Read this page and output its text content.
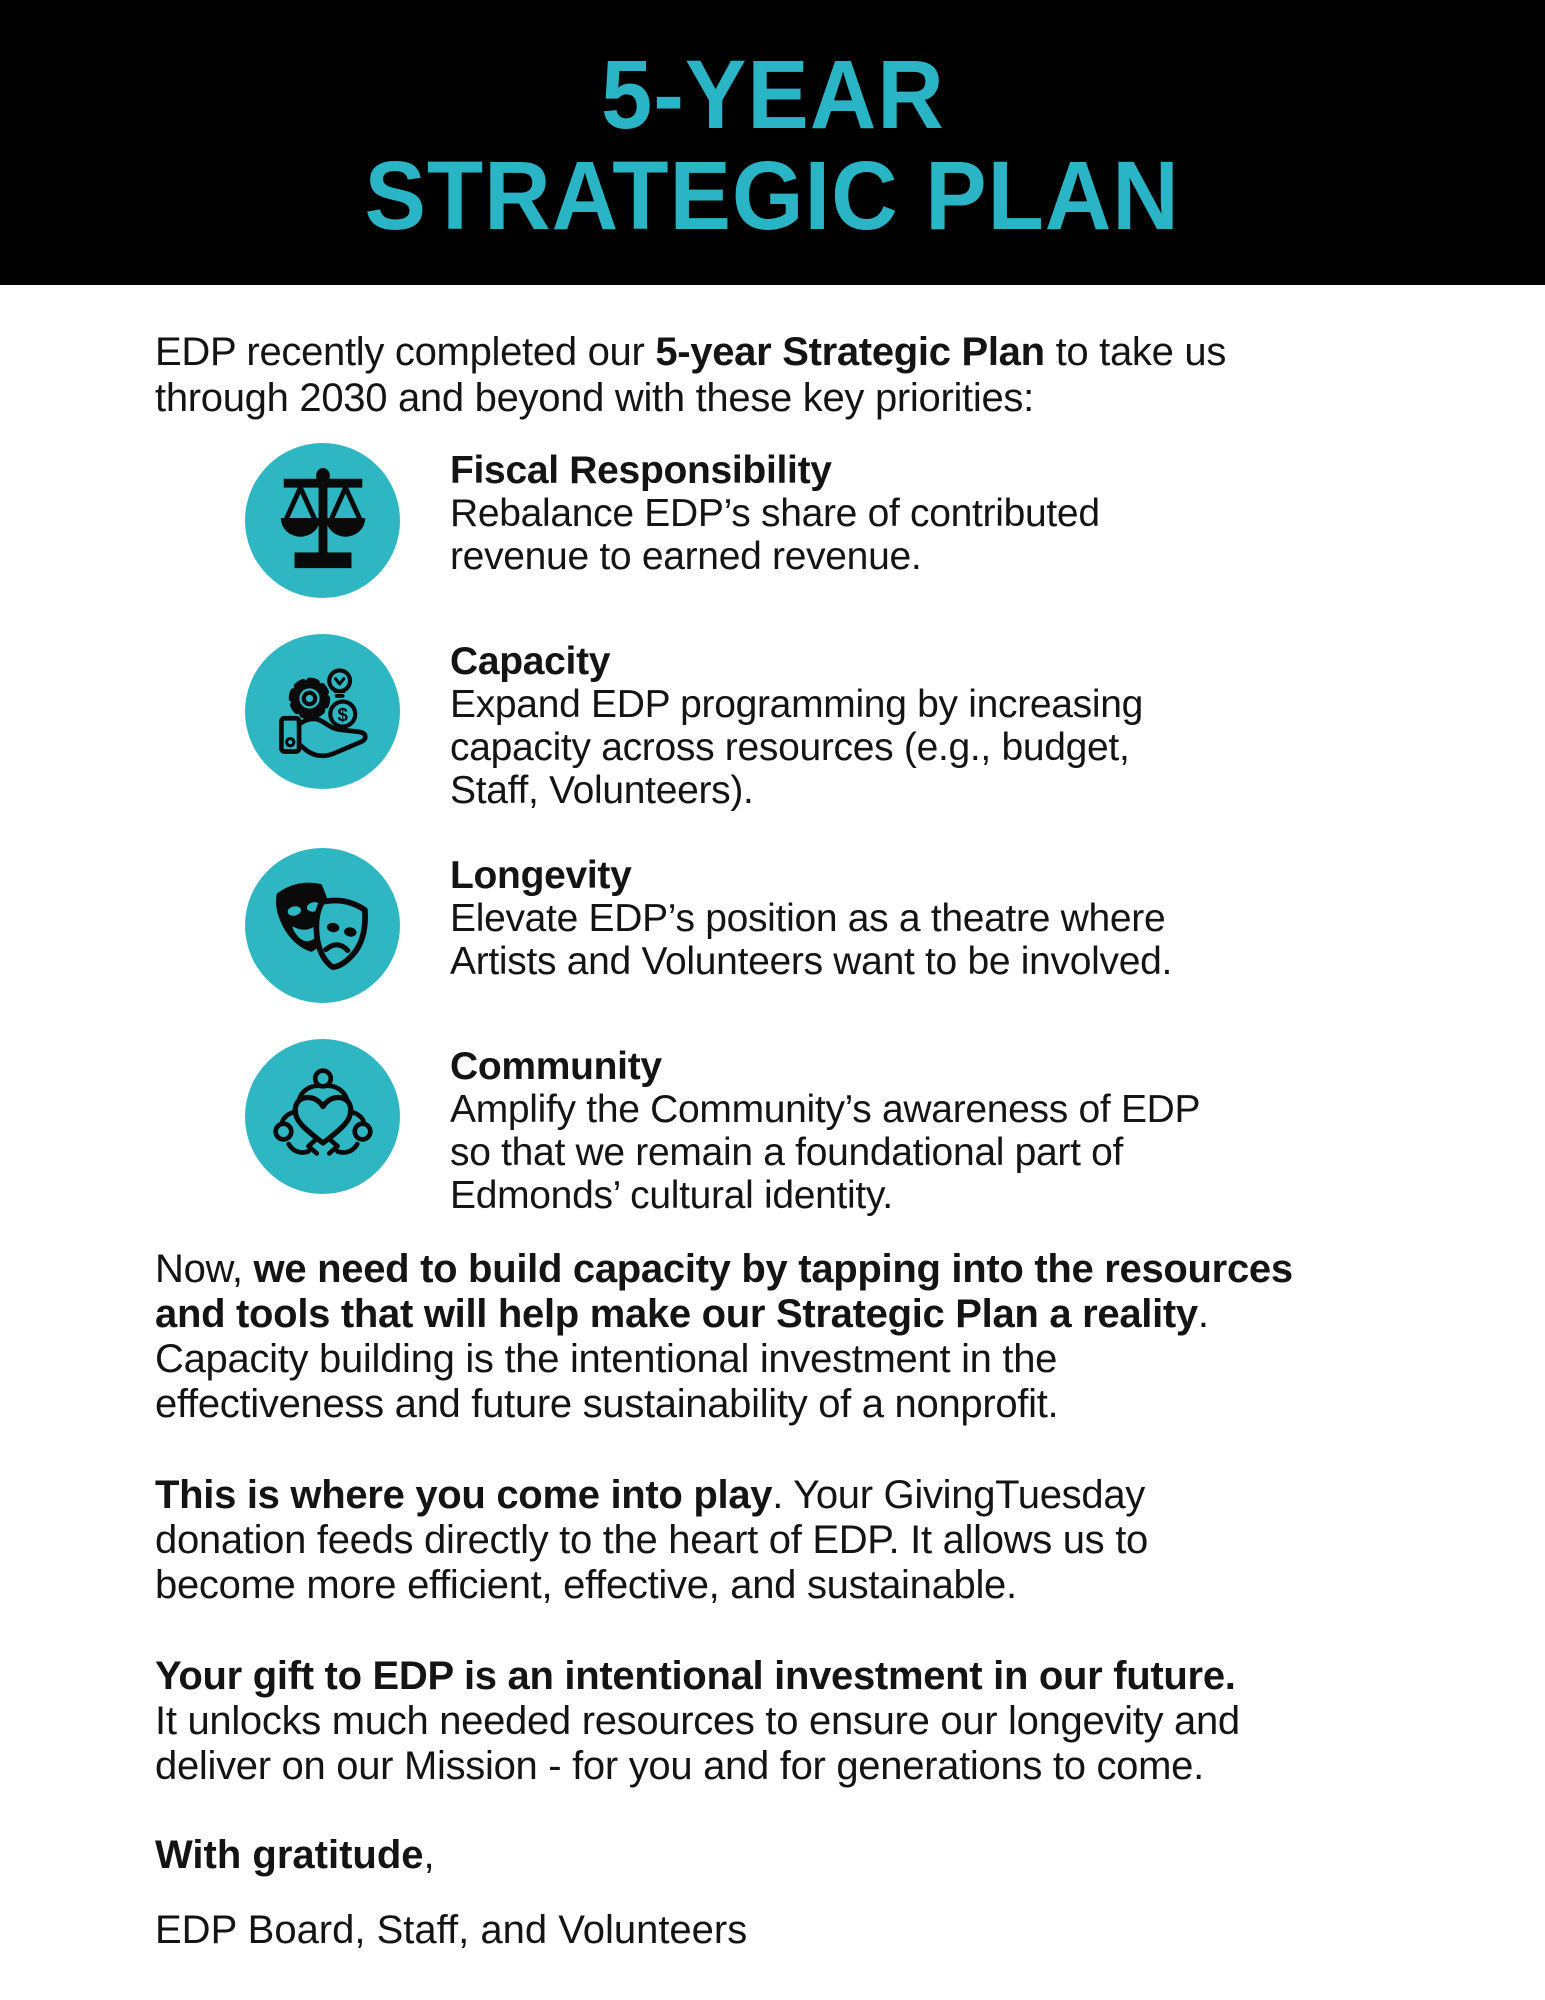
5-YEAR
STRATEGIC PLAN
EDP recently completed our 5-year Strategic Plan to take us
through 2030 and beyond with these key priorities:
Fiscal Responsibility
Rebalance EDP’s share of contributed
revenue to earned revenue.
$
Capacity
Expand EDP programming by increasing
capacity across resources (e.g., budget,
Staff, Volunteers).
Longevity
Elevate EDP’s position as a theatre where
Artists and Volunteers want to be involved.
Community
Amplify the Community’s awareness of EDP
so that we remain a foundational part of
Edmonds’ cultural identity.
Now, we need to build capacity by tapping into the resources
and tools that will help make our Strategic Plan a reality.
Capacity building is the intentional investment in the
effectiveness and future sustainability of a nonprofit.
This is where you come into play. Your GivingTuesday
donation feeds directly to the heart of EDP. It allows us to
become more efficient, effective, and sustainable.
Your gift to EDP is an intentional investment in our future.
It unlocks much needed resources to ensure our longevity and
deliver on our Mission - for you and for generations to come.
With gratitude,
EDP Board, Staff, and Volunteers
